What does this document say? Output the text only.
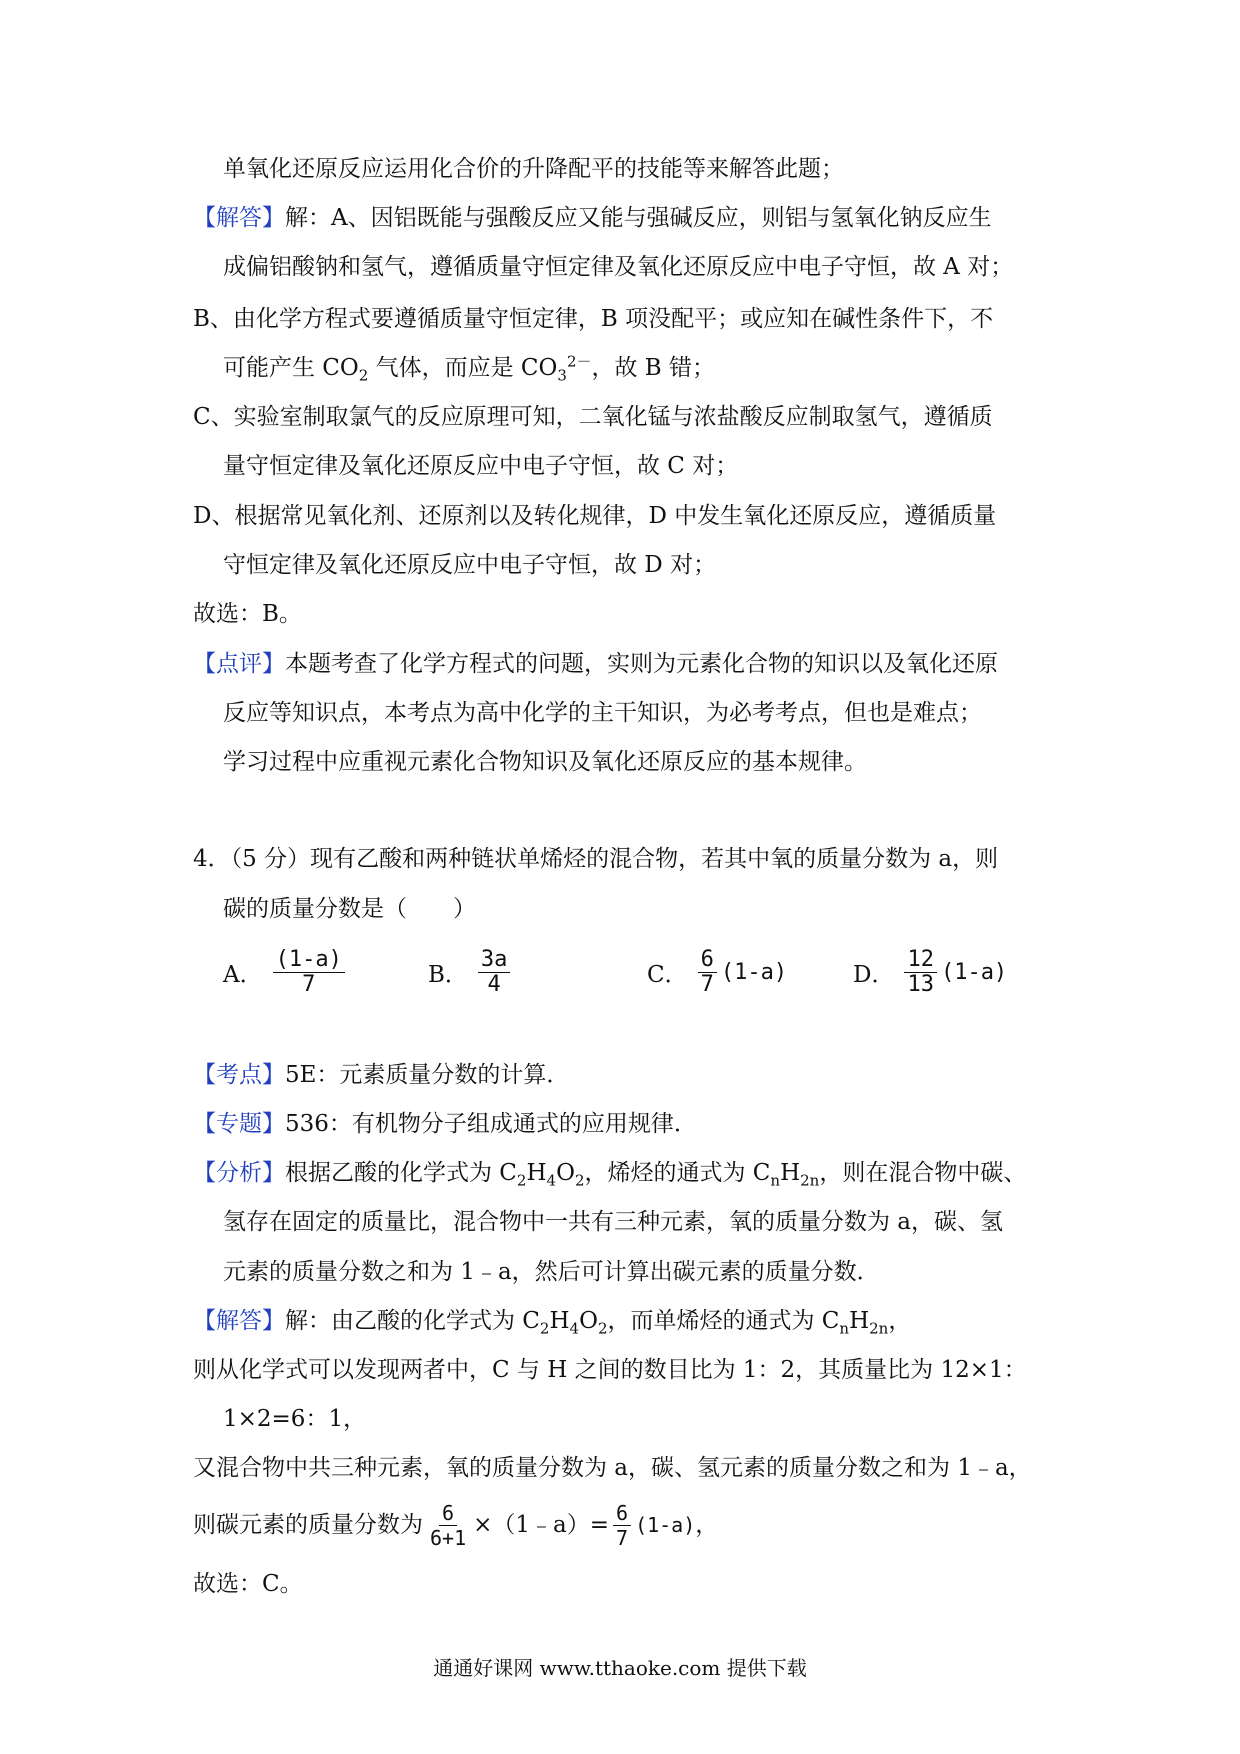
单氧化还原反应运用化合价的升降配平的技能等来解答此题；
【解答】解：A、因铝既能与强酸反应又能与强碱反应，则铝与氢氧化钠反应生
成偏铝酸钠和氢气，遵循质量守恒定律及氧化还原反应中电子守恒，故 A 对；
B、由化学方程式要遵循质量守恒定律，B 项没配平；或应知在碱性条件下，不
可能产生 $CO_2$ 气体，而应是 $CO_3^{2-}$，故 B 错；
C、实验室制取氯气的反应原理可知，二氧化锰与浓盐酸反应制取氢气，遵循质
量守恒定律及氧化还原反应中电子守恒，故 C 对；
D、根据常见氧化剂、还原剂以及转化规律，D 中发生氧化还原反应，遵循质量
守恒定律及氧化还原反应中电子守恒，故 D 对；
故选：B。
【点评】本题考查了化学方程式的问题，实则为元素化合物的知识以及氧化还原
反应等知识点，本考点为高中化学的主干知识，为必考考点，但也是难点；
学习过程中应重视元素化合物知识及氧化还原反应的基本规律。
4．（5 分）现有乙酸和两种链状单烯烃的混合物，若其中氧的质量分数为 a，则
碳的质量分数是（　　）
A． $\frac{(1-a)}{7}$	B． $\frac{3a}{4}$	C． $\frac{6}{7} (1-a)$	D． $\frac{12}{13} (1-a)$
【考点】5E：元素质量分数的计算．
【专题】536：有机物分子组成通式的应用规律．
【分析】根据乙酸的化学式为 $C_2H_4O_2$，烯烃的通式为 $C_nH_{2n}$，则在混合物中碳、
氢存在固定的质量比，混合物中一共有三种元素，氧的质量分数为 a，碳、氢
元素的质量分数之和为 1﹣a，然后可计算出碳元素的质量分数．
【解答】解：由乙酸的化学式为 $C_2H_4O_2$，而单烯烃的通式为 $C_nH_{2n}$，
则从化学式可以发现两者中，C 与 H 之间的数目比为 1：2，其质量比为 12×1：
1×2=6：1，
又混合物中共三种元素，氧的质量分数为 a，碳、氢元素的质量分数之和为 1﹣a，
则碳元素的质量分数为 $\frac{6}{6+1}$ ×（1﹣a）= $\frac{6}{7} (1-a)$ ，
故选：C。
通通好课网 www.tthaoke.com 提供下载
